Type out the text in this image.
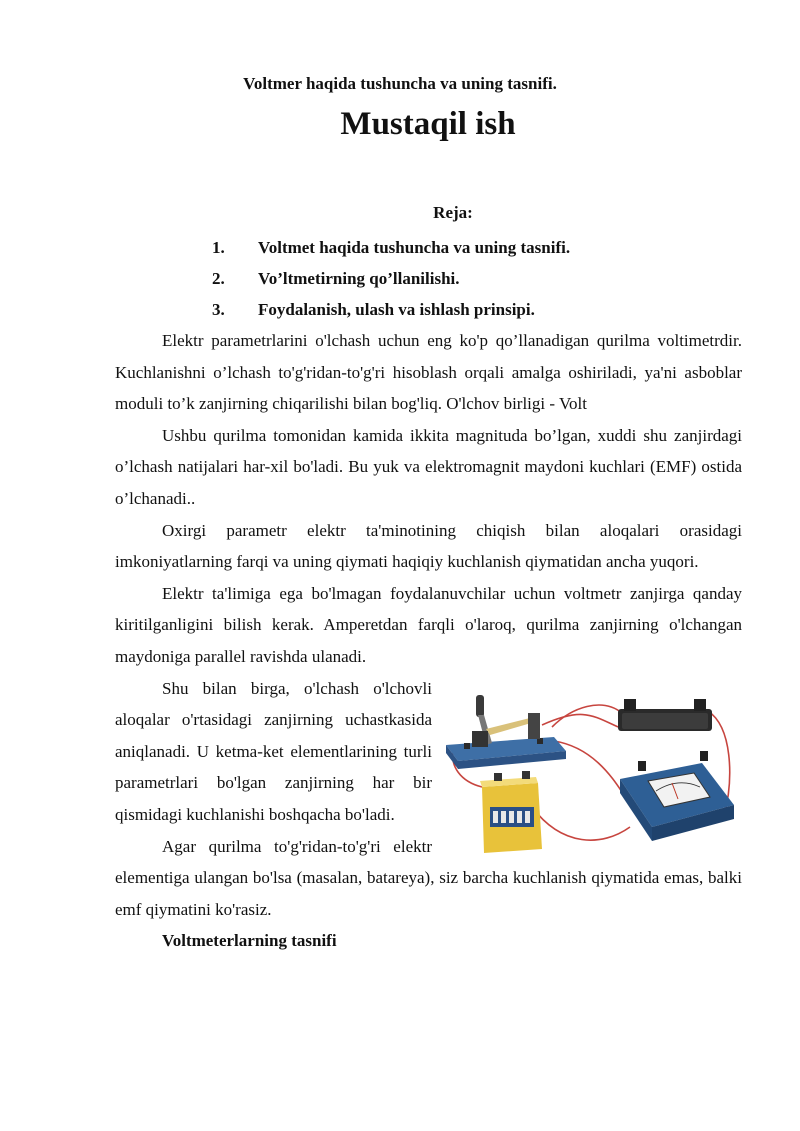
Voltmer haqida tushuncha va uning tasnifi.
Mustaqil ish
Reja:
1. Voltmet haqida tushuncha va uning tasnifi.
2. Vo’ltmetirning qo’llanilishi.
3. Foydalanish, ulash va ishlash prinsipi.

Elektr parametrlarini o'lchash uchun eng ko'p qo’llanadigan qurilma voltimetrdir. Kuchlanishni o’lchash to'g'ridan-to'g'ri hisoblash orqali amalga oshiriladi, ya'ni asboblar moduli to’k zanjirning chiqarilishi bilan bog'liq. O'lchov birligi - Volt

Ushbu qurilma tomonidan kamida ikkita magnituda bo’lgan, xuddi shu zanjirdagi o’lchash natijalari har-xil bo'ladi. Bu yuk va elektromagnit maydoni kuchlari (EMF) ostida o’lchanadi..

Oxirgi parametr elektr ta'minotining chiqish bilan aloqalari orasidagi imkoniyatlarning farqi va uning qiymati haqiqiy kuchlanish qiymatidan ancha yuqori.

Elektr ta'limiga ega bo'lmagan foydalanuvchilar uchun voltmetr zanjirga qanday kiritilganligini bilish kerak. Amperetdan farqli o'laroq, qurilma zanjirning o'lchangan maydoniga parallel ravishda ulanadi.

Shu bilan birga, o'lchash o'lchovli aloqalar o'rtasidagi zanjirning uchastkasida aniqlanadi. U ketma-ket elementlarining turli parametrlari bo'lgan zanjirning har bir qismidagi kuchlanishi boshqacha bo'ladi.

Agar qurilma to'g'ridan-to'g'ri elektr elementiga ulangan bo'lsa (masalan, batareya), siz barcha kuchlanish qiymatida emas, balki emf qiymatini ko'rasiz.

Voltmeterlarning tasnifi
